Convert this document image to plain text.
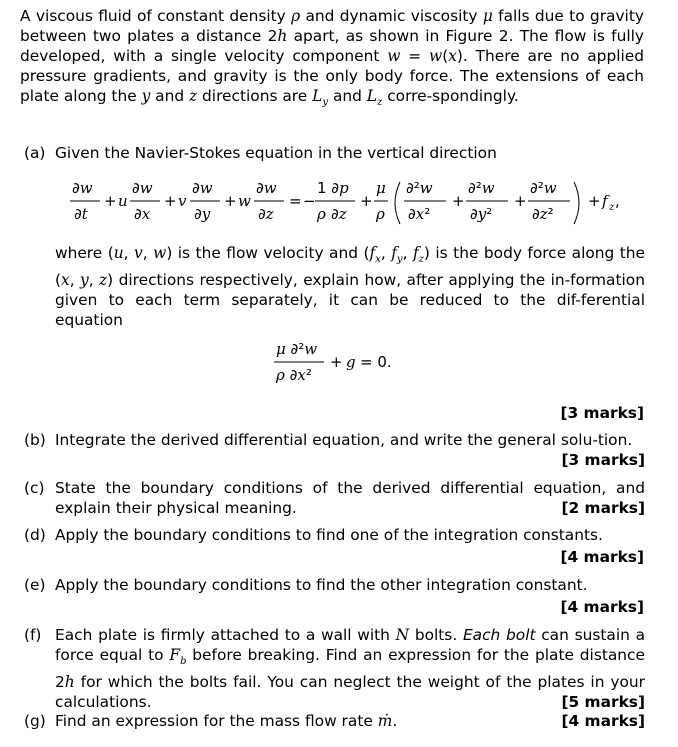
A viscous fluid of constant density ρ and dynamic viscosity μ falls due to gravity between two plates a distance 2h apart, as shown in Figure 2. The flow is fully developed, with a single velocity component w = w(x). There are no applied pressure gradients, and gravity is the only body force. The extensions of each plate along the y and z directions are $L_y$ and $L_z$ corre-spondingly.

(a) Given the Navier-Stokes equation in the vertical direction

∂w
∂t
+ u
∂w
∂x
+ v
∂w
∂y
+ w
∂w
∂z
= −
1 ∂p
ρ ∂z
+
μ
ρ
∂²w
∂x²
+
∂²w
∂y²
+
∂²w
∂z²
+ f z ,

where (u, v, w) is the flow velocity and ($f_x$, $f_y$, $f_z$) is the body force along the (x, y, z) directions respectively, explain how, after applying the in-formation given to each term separately, it can be reduced to the dif-ferential equation

μ ∂²w
ρ ∂x²
+ g = 0.
[3 marks]
(b) Integrate the derived differential equation, and write the general solu-tion.
[3 marks]

(c) State the boundary conditions of the derived differential equation, and explain their physical meaning.	[2 marks]

(d) Apply the boundary conditions to find one of the integration constants.

[4 marks]
(e) Apply the boundary conditions to find the other integration constant.

[4 marks]
(f) Each plate is firmly attached to a wall with N bolts. Each bolt can sustain a force equal to $F_b$ before breaking. Find an expression for the plate distance 2h for which the bolts fail. You can neglect the weight of the plates in your calculations.	[5 marks]

(g) Find an expression for the mass flow rate ṁ.	[4 marks]
